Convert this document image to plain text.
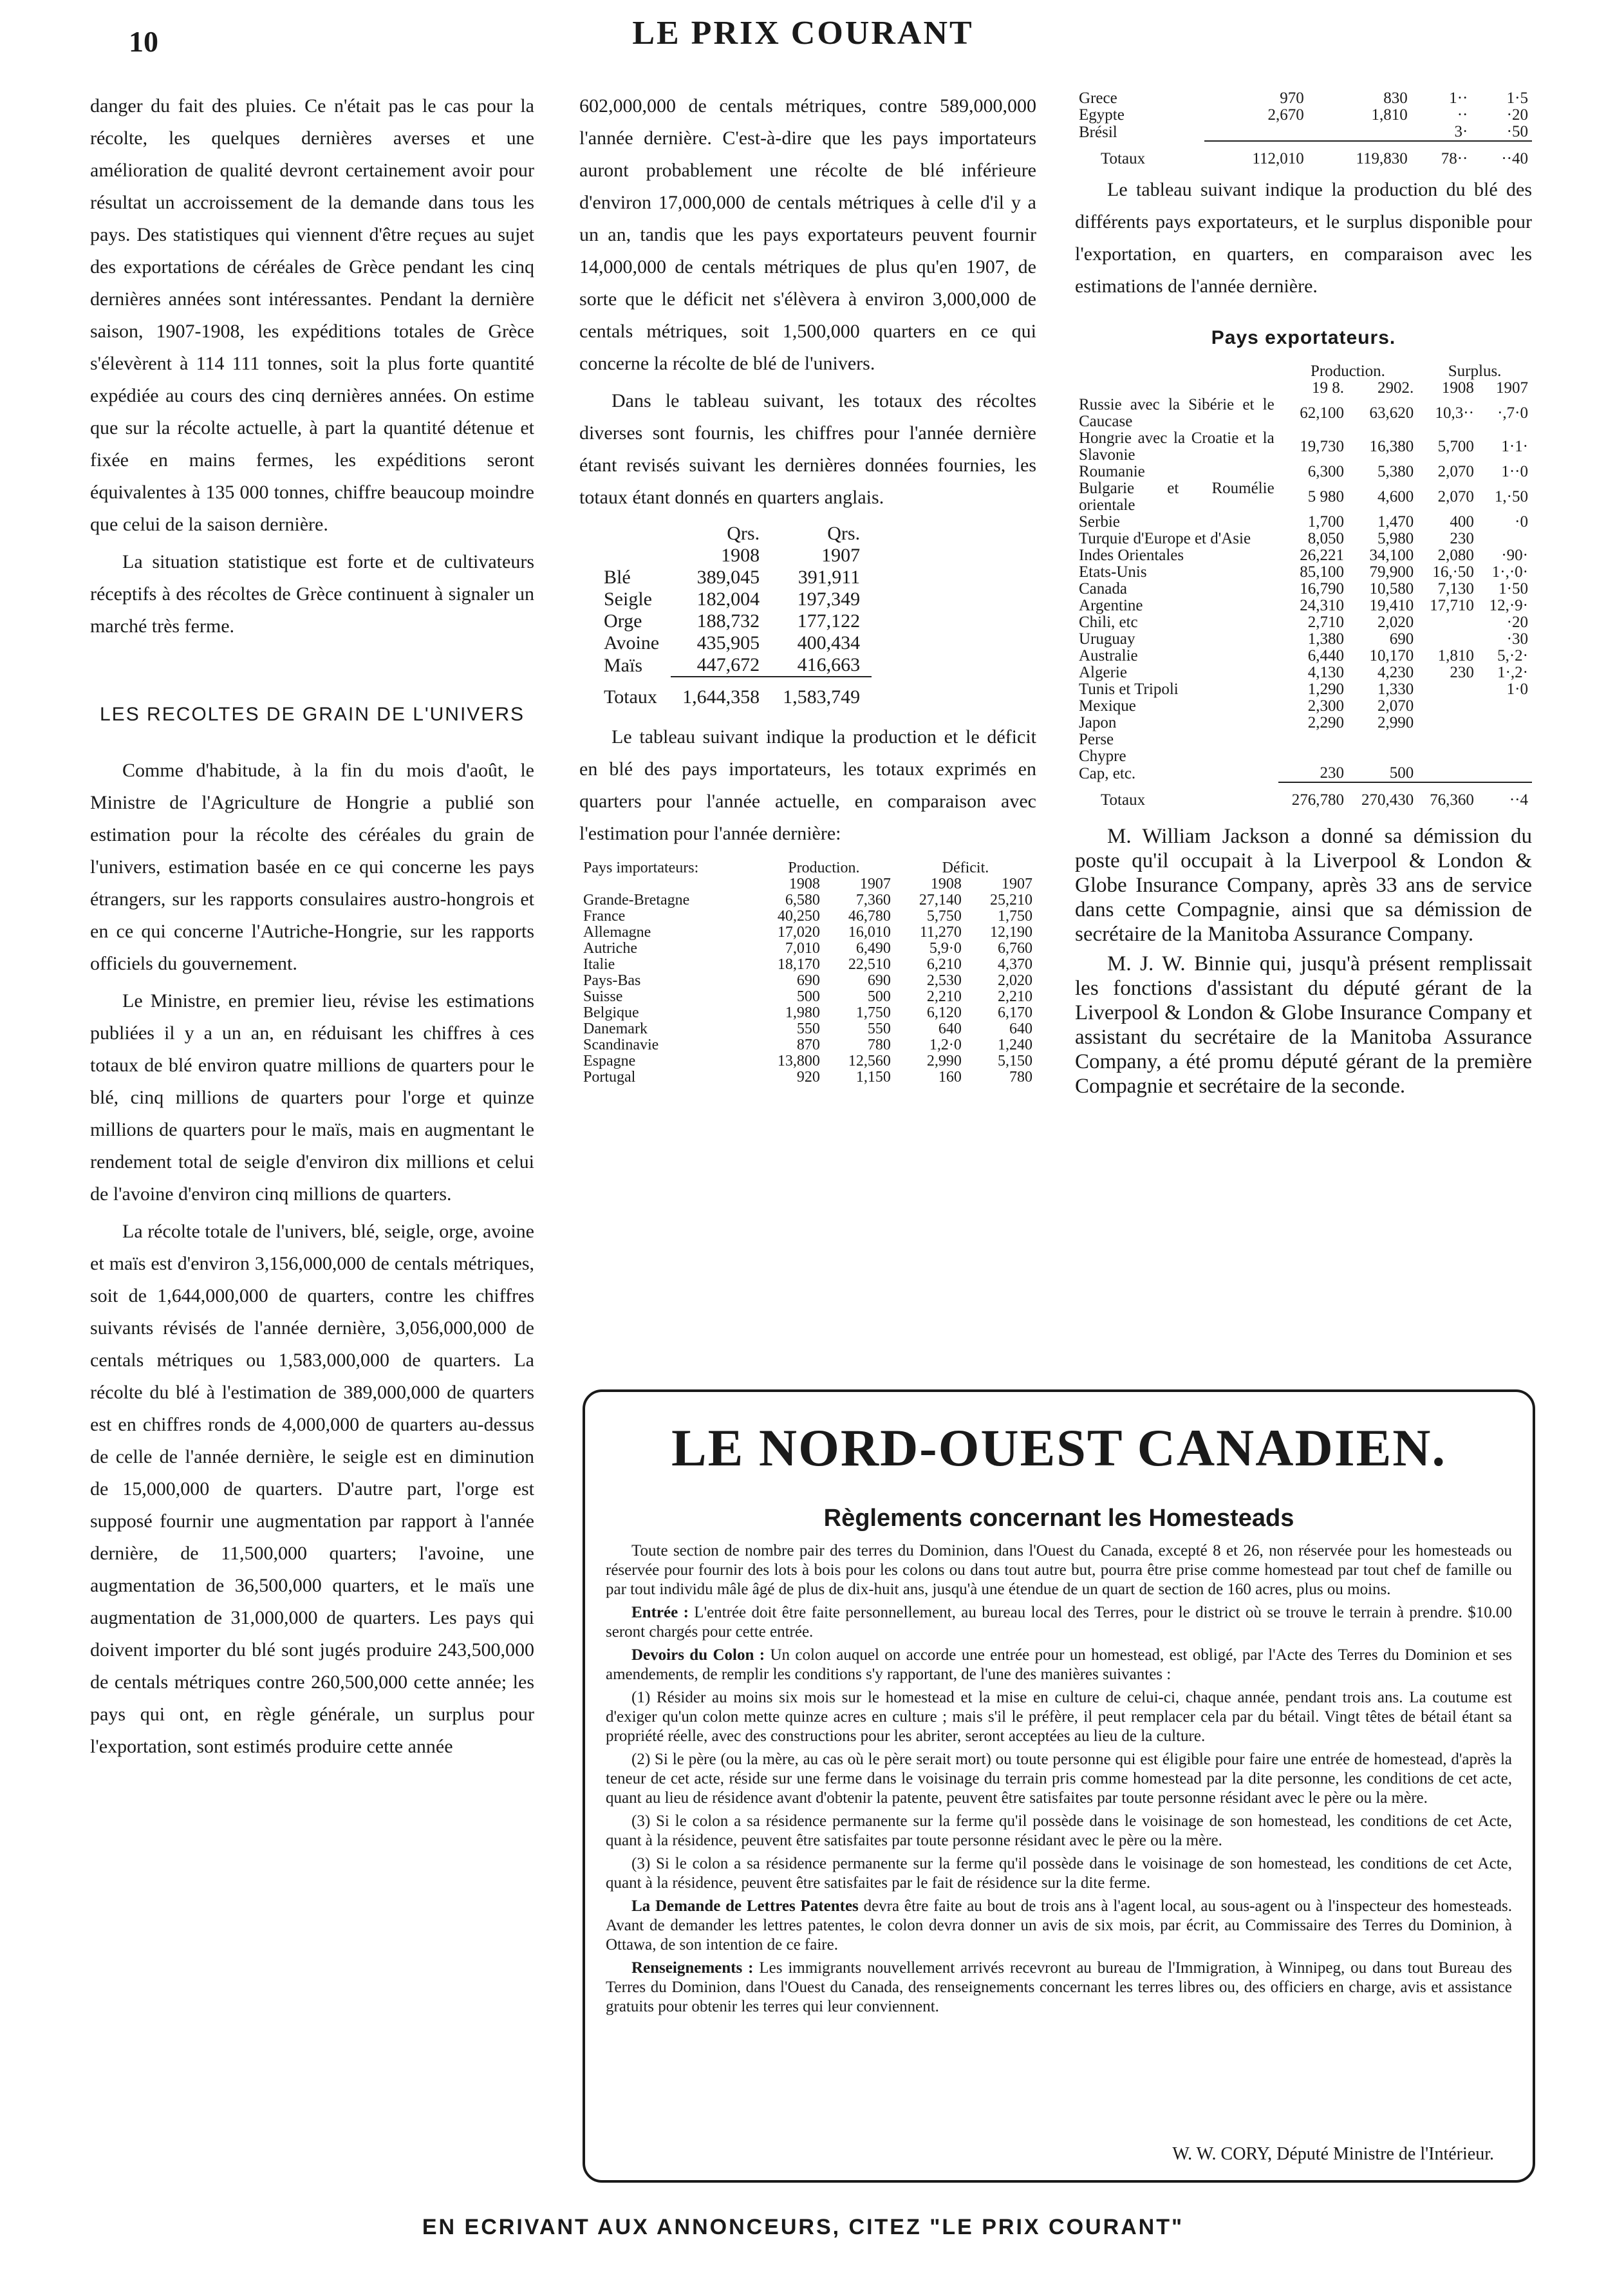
10	LE PRIX COURANT

danger du fait des pluies. Ce n'était pas le cas pour la récolte, les quelques dernières averses et une amélioration de qualité devront certainement avoir pour résultat un accroissement de la demande dans tous les pays. Des statistiques qui viennent d'être reçues au sujet des exportations de céréales de Grèce pendant les cinq dernières années sont intéressantes. Pendant la dernière saison, 1907-1908, les expéditions totales de Grèce s'élevèrent à 114 111 tonnes, soit la plus forte quantité expédiée au cours des cinq dernières années. On estime que sur la récolte actuelle, à part la quantité détenue et fixée en mains fermes, les expéditions seront équivalentes à 135 000 tonnes, chiffre beaucoup moindre que celui de la saison dernière.

La situation statistique est forte et de cultivateurs réceptifs à des récoltes de Grèce continuent à signaler un marché très ferme.

LES RECOLTES DE GRAIN DE L'UNIVERS

Comme d'habitude, à la fin du mois d'août, le Ministre de l'Agriculture de Hongrie a publié son estimation pour la récolte des céréales du grain de l'univers, estimation basée en ce qui concerne les pays étrangers, sur les rapports consulaires austro-hongrois et en ce qui concerne l'Autriche-Hongrie, sur les rapports officiels du gouvernement.

Le Ministre, en premier lieu, révise les estimations publiées il y a un an, en réduisant les chiffres à ces totaux de blé environ quatre millions de quarters pour le blé, cinq millions de quarters pour l'orge et quinze millions de quarters pour le maïs, mais en augmentant le rendement total de seigle d'environ dix millions et celui de l'avoine d'environ cinq millions de quarters.

La récolte totale de l'univers, blé, seigle, orge, avoine et maïs est d'environ 3,156,000,000 de centals métriques, soit de 1,644,000,000 de quarters, contre les chiffres suivants révisés de l'année dernière, 3,056,000,000 de centals métriques ou 1,583,000,000 de quarters. La récolte du blé à l'estimation de 389,000,000 de quarters est en chiffres ronds de 4,000,000 de quarters au-dessus de celle de l'année dernière, le seigle est en diminution de 15,000,000 de quarters. D'autre part, l'orge est supposé fournir une augmentation par rapport à l'année dernière, de 11,500,000 quarters; l'avoine, une augmentation de 36,500,000 quarters, et le maïs une augmentation de 31,000,000 de quarters. Les pays qui doivent importer du blé sont jugés produire 243,500,000 de centals métriques contre 260,500,000 cette année; les pays qui ont, en règle générale, un surplus pour l'exportation, sont estimés produire cette année

602,000,000 de centals métriques, contre 589,000,000 l'année dernière. C'est-à-dire que les pays importateurs auront probablement une récolte de blé inférieure d'environ 17,000,000 de centals métriques à celle d'il y a un an, tandis que les pays exportateurs peuvent fournir 14,000,000 de centals métriques de plus qu'en 1907, de sorte que le déficit net s'élèvera à environ 3,000,000 de centals métriques, soit 1,500,000 quarters en ce qui concerne la récolte de blé de l'univers.

Dans le tableau suivant, les totaux des récoltes diverses sont fournis, les chiffres pour l'année dernière étant revisés suivant les dernières données fournies, les totaux étant donnés en quarters anglais.

	Qrs.	Qrs.
	1908	1907
Blé	389,045	391,911
Seigle	182,004	197,349
Orge	188,732	177,122
Avoine	435,905	400,434
Maïs	447,672	416,663
Totaux	1,644,358	1,583,749

Le tableau suivant indique la production et le déficit en blé des pays importateurs, les totaux exprimés en quarters pour l'année actuelle, en comparaison avec l'estimation pour l'année dernière:

Pays importateurs:	Production.		Déficit.	
	1908	1907	1908	1907
Grande-Bretagne	6,580	7,360	27,140	25,210
France	40,250	46,780	5,750	1,750
Allemagne	17,020	16,010	11,270	12,190
Autriche	7,010	6,490	5,9·0	6,760
Italie	18,170	22,510	6,210	4,370
Pays-Bas	690	690	2,530	2,020
Suisse	500	500	2,210	2,210
Belgique	1,980	1,750	6,120	6,170
Danemark	550	550	640	640
Scandinavie	870	780	1,2·0	1,240
Espagne	13,800	12,560	2,990	5,150
Portugal	920	1,150	160	780
Grece	970	830	1··	1·5
Egypte	2,670	1,810	··	·20
Brésil			3·	·50
Totaux	112,010	119,830	78··	··40

Le tableau suivant indique la production du blé des différents pays exportateurs, et le surplus disponible pour l'exportation, en quarters, en comparaison avec les estimations de l'année dernière.

Pays exportateurs.
	Production.		Surplus.	
	19 8.	2902.	1908	1907
Russie avec la Sibérie et le Caucase	62,100	63,620	10,3··	·,7·0
Hongrie avec la Croatie et la Slavonie	19,730	16,380	5,700	1·1·
Roumanie	6,300	5,380	2,070	1··0
Bulgarie et Roumélie orientale	5 980	4,600	2,070	1,·50
Serbie	1,700	1,470	400	·0
Turquie d'Europe et d'Asie	8,050	5,980	230	
Indes Orientales	26,221	34,100	2,080	·90·
Etats-Unis	85,100	79,900	16,·50	1·,·0·
Canada	16,790	10,580	7,130	1·50
Argentine	24,310	19,410	17,710	12,·9·
Chili, etc	2,710	2,020		·20
Uruguay	1,380	690		·30
Australie	6,440	10,170	1,810	5,·2·
Algerie	4,130	4,230	230	1·,2·
Tunis et Tripoli	1,290	1,330		1·0
Mexique	2,300	2,070		
Japon	2,290	2,990		
Perse				
Chypre				
Cap, etc.	230	500		
Totaux	276,780	270,430	76,360	··4

M. William Jackson a donné sa démission du poste qu'il occupait à la Liverpool & London & Globe Insurance Company, après 33 ans de service dans cette Compagnie, ainsi que sa démission de secrétaire de la Manitoba Assurance Company.

M. J. W. Binnie qui, jusqu'à présent remplissait les fonctions d'assistant du député gérant de la Liverpool & London & Globe Insurance Company et assistant du secrétaire de la Manitoba Assurance Company, a été promu député gérant de la première Compagnie et secrétaire de la seconde.

LE NORD-OUEST CANADIEN.
Règlements concernant les Homesteads

Toute section de nombre pair des terres du Dominion, dans l'Ouest du Canada, excepté 8 et 26, non réservée pour les homesteads ou réservée pour fournir des lots à bois pour les colons ou dans tout autre but, pourra être prise comme homestead par tout chef de famille ou par tout individu mâle âgé de plus de dix-huit ans, jusqu'à une étendue de un quart de section de 160 acres, plus ou moins.

Entrée : L'entrée doit être faite personnellement, au bureau local des Terres, pour le district où se trouve le terrain à prendre. $10.00 seront chargés pour cette entrée.

Devoirs du Colon : Un colon auquel on accorde une entrée pour un homestead, est obligé, par l'Acte des Terres du Dominion et ses amendements, de remplir les conditions s'y rapportant, de l'une des manières suivantes :

(1) Résider au moins six mois sur le homestead et la mise en culture de celui-ci, chaque année, pendant trois ans. La coutume est d'exiger qu'un colon mette quinze acres en culture ; mais s'il le préfère, il peut remplacer cela par du bétail. Vingt têtes de bétail étant sa propriété réelle, avec des constructions pour les abriter, seront acceptées au lieu de la culture.

(2) Si le père (ou la mère, au cas où le père serait mort) ou toute personne qui est éligible pour faire une entrée de homestead, d'après la teneur de cet acte, réside sur une ferme dans le voisinage du terrain pris comme homestead par la dite personne, les conditions de cet acte, quant au lieu de résidence avant d'obtenir la patente, peuvent être satisfaites par toute personne résidant avec le père ou la mère.

(3) Si le colon a sa résidence permanente sur la ferme qu'il possède dans le voisinage de son homestead, les conditions de cet Acte, quant à la résidence, peuvent être satisfaites par toute personne résidant avec le père ou la mère.

(3) Si le colon a sa résidence permanente sur la ferme qu'il possède dans le voisinage de son homestead, les conditions de cet Acte, quant à la résidence, peuvent être satisfaites par le fait de résidence sur la dite ferme.

La Demande de Lettres Patentes devra être faite au bout de trois ans à l'agent local, au sous-agent ou à l'inspecteur des homesteads. Avant de demander les lettres patentes, le colon devra donner un avis de six mois, par écrit, au Commissaire des Terres du Dominion, à Ottawa, de son intention de ce faire.

Renseignements : Les immigrants nouvellement arrivés recevront au bureau de l'Immigration, à Winnipeg, ou dans tout Bureau des Terres du Dominion, dans l'Ouest du Canada, des renseignements concernant les terres libres ou, des officiers en charge, avis et assistance gratuits pour obtenir les terres qui leur conviennent.

W. W. CORY, Député Ministre de l'Intérieur.
EN ECRIVANT AUX ANNONCEURS, CITEZ "LE PRIX COURANT"
